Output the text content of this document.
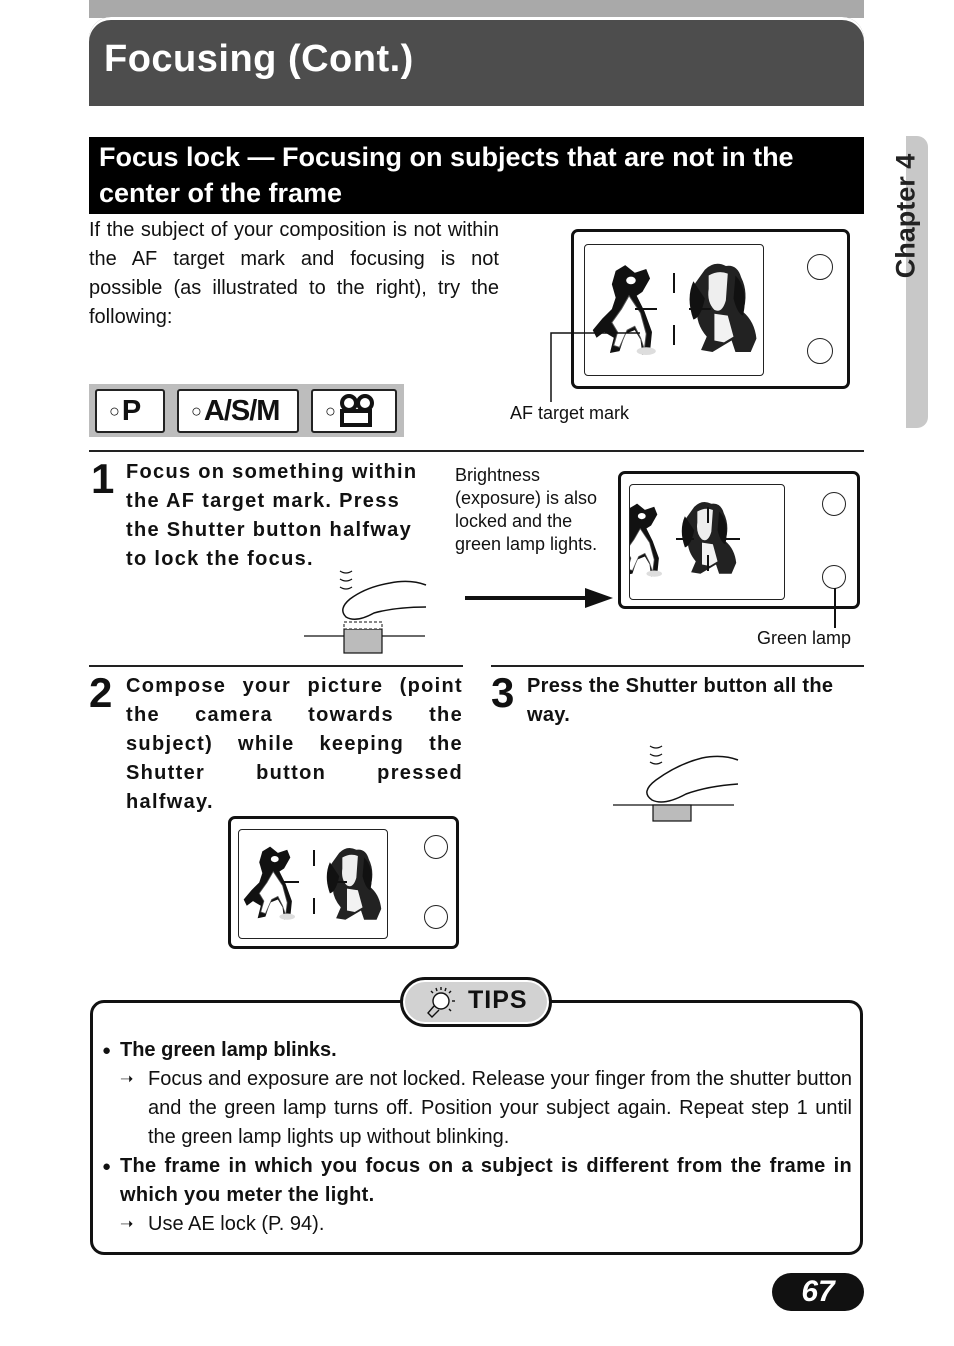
Focusing (Cont.)
Chapter 4
Focus lock — Focusing on subjects that are not in the center of the frame
If the subject of your composition is not within the AF target mark and focusing is not possible (as illustrated to the right), try the following:
AF target mark
○ P	○ A/S/M	○
1 Focus on something within the AF target mark. Press the Shutter button halfway to lock the focus.
Brightness (exposure) is also locked and the green lamp lights.
Green lamp
2 Compose your picture (point the camera towards the subject) while keeping the Shutter button pressed halfway.
3 Press the Shutter button all the way.
TIPS
● The green lamp blinks.
➝ Focus and exposure are not locked. Release your finger from the shutter button and the green lamp turns off. Position your subject again. Repeat step 1 until the green lamp lights up without blinking.
● The frame in which you focus on a subject is different from the frame in which you meter the light.
➝ Use AE lock (P. 94).
67
